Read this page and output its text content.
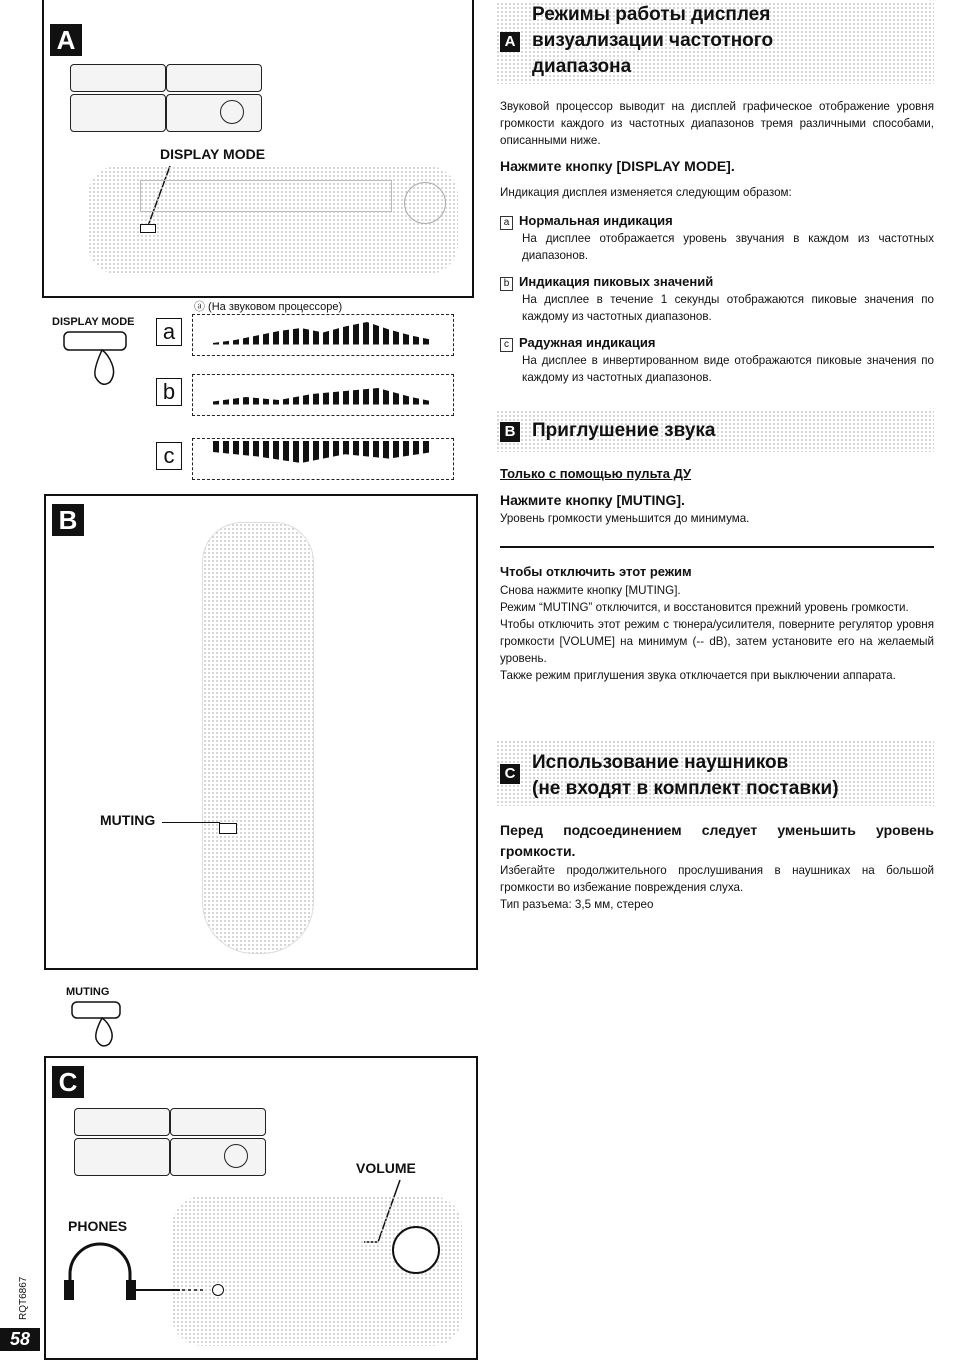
A
DISPLAY MODE
ⓐ (На звуковом процессоре)
DISPLAY MODE	a
b
c
B
MUTING
MUTING
C
VOLUME
PHONES
RQT6867
58
A
Режимы работы дисплея
визуализации частотного
диапазона
Звуковой процессор выводит на дисплей графическое отображение уровня громкости каждого из частотных диапазонов тремя различными способами, описанными ниже.
Нажмите кнопку [DISPLAY MODE].
Индикация дисплея изменяется следующим образом:
a Нормальная индикация
На дисплее отображается уровень звучания в каждом из частотных диапазонов.
b Индикация пиковых значений
На дисплее в течение 1 секунды отображаются пиковые значения по каждому из частотных диапазонов.
c Радужная индикация
На дисплее в инвертированном виде отображаются пиковые значения по каждому из частотных диапазонов.
B Приглушение звука
Только с помощью пульта ДУ
Нажмите кнопку [MUTING].
Уровень громкости уменьшится до минимума.
Чтобы отключить этот режим
Снова нажмите кнопку [MUTING].
Режим “MUTING” отключится, и восстановится прежний уровень громкости.
Чтобы отключить этот режим с тюнера/усилителя, поверните регулятор уровня громкости [VOLUME] на минимум (-- dB), затем установите его на желаемый уровень.
Также режим приглушения звука отключается при выключении аппарата.
C
Использование наушников
(не входят в комплект поставки)
Перед подсоединением следует уменьшить уровень громкости.
Избегайте продолжительного прослушивания в наушниках на большой громкости во избежание повреждения слуха.
Тип разъема: 3,5 мм, стерео
